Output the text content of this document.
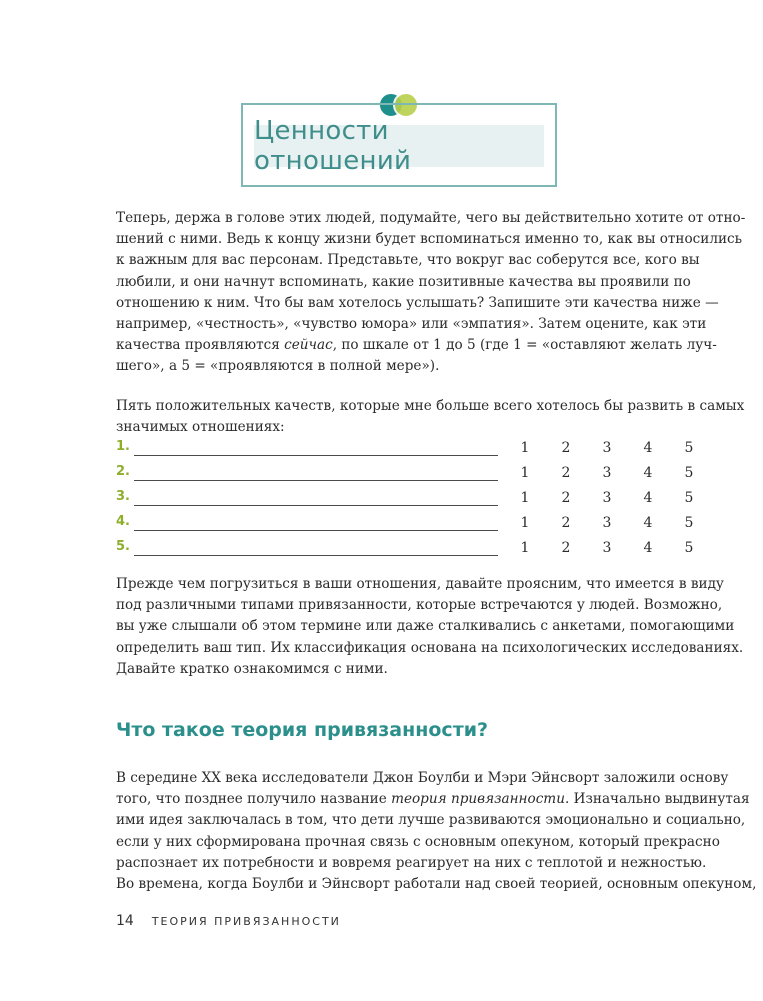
Ценности отношений
Теперь, держа в голове этих людей, подумайте, чего вы действительно хотите от отно-
шений с ними. Ведь к концу жизни будет вспоминаться именно то, как вы относились
к важным для вас персонам. Представьте, что вокруг вас соберутся все, кого вы
любили, и они начнут вспоминать, какие позитивные качества вы проявили по
отношению к ним. Что бы вам хотелось услышать? Запишите эти качества ниже —
например, «честность», «чувство юмора» или «эмпатия». Затем оцените, как эти
качества проявляются сейчас, по шкале от 1 до 5 (где 1 = «оставляют желать луч-
шего», а 5 = «проявляются в полной мере»).
Пять положительных качеств, которые мне больше всего хотелось бы развить в самых
значимых отношениях:
1.	1 2 3 4 5
2.	1 2 3 4 5
3.	1 2 3 4 5
4.	1 2 3 4 5
5.	1 2 3 4 5
Прежде чем погрузиться в ваши отношения, давайте проясним, что имеется в виду
под различными типами привязанности, которые встречаются у людей. Возможно,
вы уже слышали об этом термине или даже сталкивались с анкетами, помогающими
определить ваш тип. Их классификация основана на психологических исследованиях.
Давайте кратко ознакомимся с ними.
Что такое теория привязанности?
В середине XX века исследователи Джон Боулби и Мэри Эйнсворт заложили основу
того, что позднее получило название теория привязанности. Изначально выдвинутая
ими идея заключалась в том, что дети лучше развиваются эмоционально и социально,
если у них сформирована прочная связь с основным опекуном, который прекрасно
распознает их потребности и вовремя реагирует на них с теплотой и нежностью.
Во времена, когда Боулби и Эйнсворт работали над своей теорией, основным опекуном,
14 ТЕОРИЯ ПРИВЯЗАННОСТИ
